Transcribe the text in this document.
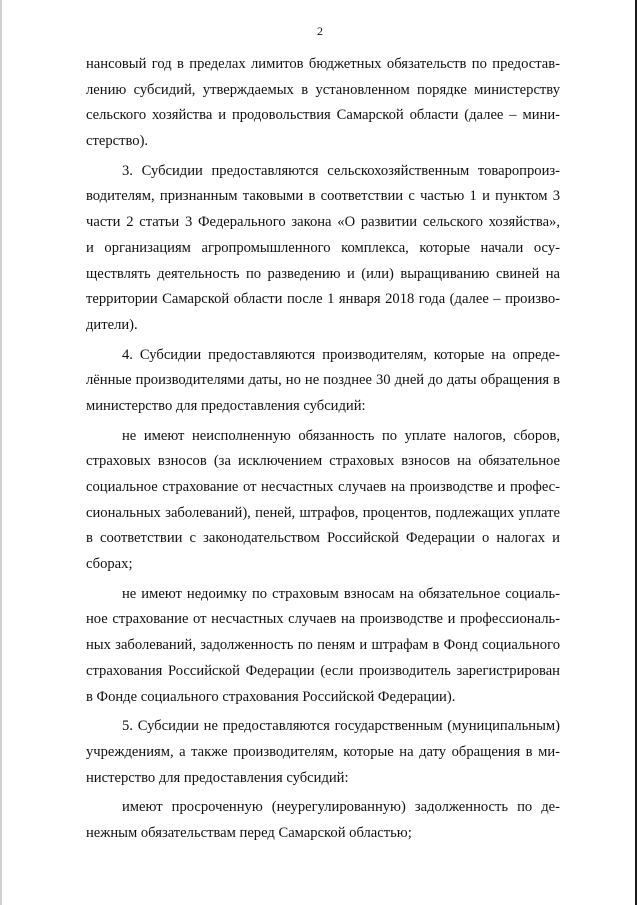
2
нансовый год в пределах лимитов бюджетных обязательств по предостав-
лению субсидий, утверждаемых в установленном порядке министерству
сельского хозяйства и продовольствия Самарской области (далее – мини-
стерство).
3. Субсидии предоставляются сельскохозяйственным товаропроиз-
водителям, признанным таковыми в соответствии с частью 1 и пунктом 3
части 2 статьи 3 Федерального закона «О развитии сельского хозяйства»,
и организациям агропромышленного комплекса, которые начали осу-
ществлять деятельность по разведению и (или) выращиванию свиней на
территории Самарской области после 1 января 2018 года (далее – произво-
дители).
4. Субсидии предоставляются производителям, которые на опреде-
лённые производителями даты, но не позднее 30 дней до даты обращения в
министерство для предоставления субсидий:
не имеют неисполненную обязанность по уплате налогов, сборов,
страховых взносов (за исключением страховых взносов на обязательное
социальное страхование от несчастных случаев на производстве и профес-
сиональных заболеваний), пеней, штрафов, процентов, подлежащих уплате
в соответствии с законодательством Российской Федерации о налогах и
сборах;
не имеют недоимку по страховым взносам на обязательное социаль-
ное страхование от несчастных случаев на производстве и профессиональ-
ных заболеваний, задолженность по пеням и штрафам в Фонд социального
страхования Российской Федерации (если производитель зарегистрирован
в Фонде социального страхования Российской Федерации).
5. Субсидии не предоставляются государственным (муниципальным)
учреждениям, а также производителям, которые на дату обращения в ми-
нистерство для предоставления субсидий:
имеют просроченную (неурегулированную) задолженность по де-
нежным обязательствам перед Самарской областью;
